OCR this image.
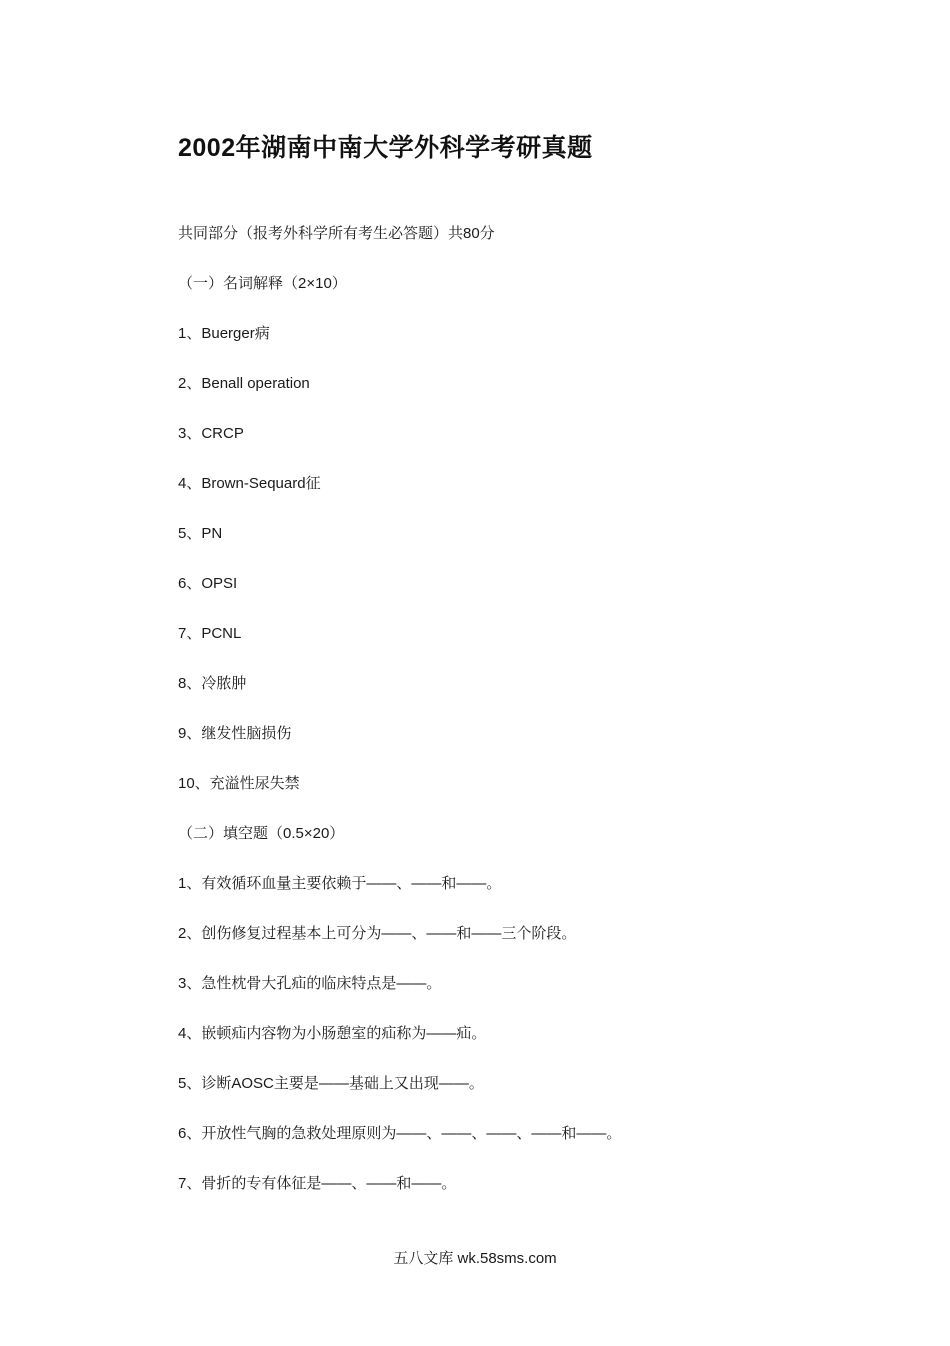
2002年湖南中南大学外科学考研真题
共同部分（报考外科学所有考生必答题）共80分
（一）名词解释（2×10）
1、Buerger病
2、Benall operation
3、CRCP
4、Brown-Sequard征
5、PN
6、OPSI
7、PCNL
8、冷脓肿
9、继发性脑损伤
10、充溢性尿失禁
（二）填空题（0.5×20）
1、有效循环血量主要依赖于——、——和——。
2、创伤修复过程基本上可分为——、——和——三个阶段。
3、急性枕骨大孔疝的临床特点是——。
4、嵌顿疝内容物为小肠憩室的疝称为——疝。
5、诊断AOSC主要是——基础上又出现——。
6、开放性气胸的急救处理原则为——、——、——、——和——。
7、骨折的专有体征是——、——和——。
五八文库 wk.58sms.com
